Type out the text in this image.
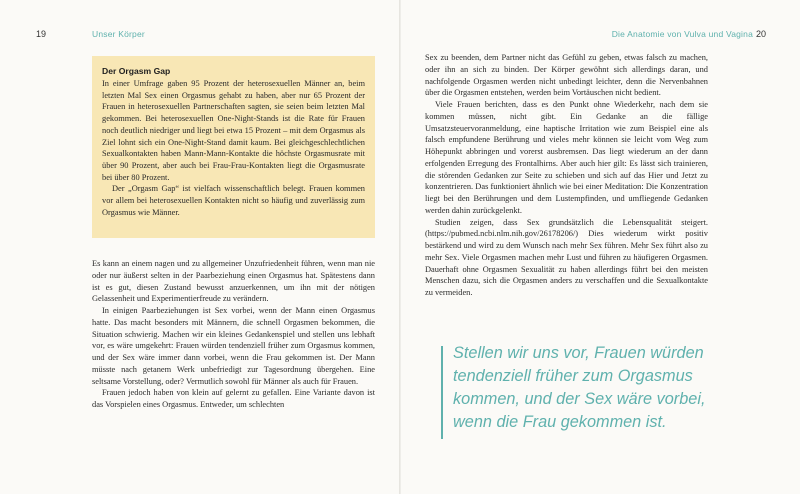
19	Unser Körper
Der Orgasm Gap

In einer Umfrage gaben 95 Prozent der heterosexuellen Männer an, beim letzten Mal Sex einen Orgasmus gehabt zu haben, aber nur 65 Prozent der Frauen in heterosexuellen Partnerschaften sagten, sie seien beim letzten Mal gekommen. Bei heterosexuellen One-Night-Stands ist die Rate für Frauen noch deutlich niedriger und liegt bei etwa 15 Prozent – mit dem Orgasmus als Ziel lohnt sich ein One-Night-Stand damit kaum. Bei gleichgeschlechtlichen Sexualkontakten haben Mann-Mann-Kontakte die höchste Orgasmusrate mit über 90 Prozent, aber auch bei Frau-Frau-Kontakten liegt die Orgasmusrate bei über 80 Prozent.

Der „Orgasm Gap“ ist vielfach wissenschaftlich belegt. Frauen kommen vor allem bei heterosexuellen Kontakten nicht so häufig und zuverlässig zum Orgasmus wie Männer.

Es kann an einem nagen und zu allgemeiner Unzufriedenheit führen, wenn man nie oder nur äußerst selten in der Paarbeziehung einen Orgasmus hat. Spätestens dann ist es gut, diesen Zustand bewusst anzuerkennen, um ihn mit der nötigen Gelassenheit und Experimentierfreude zu verändern.

In einigen Paarbeziehungen ist Sex vorbei, wenn der Mann einen Orgasmus hatte. Das macht besonders mit Männern, die schnell Orgasmen bekommen, die Situation schwierig. Machen wir ein kleines Gedankenspiel und stellen uns lebhaft vor, es wäre umgekehrt: Frauen würden tendenziell früher zum Orgasmus kommen, und der Sex wäre immer dann vorbei, wenn die Frau gekommen ist. Der Mann müsste nach getanem Werk unbefriedigt zur Tagesordnung übergehen. Eine seltsame Vorstellung, oder? Vermutlich sowohl für Männer als auch für Frauen.

Frauen jedoch haben von klein auf gelernt zu gefallen. Eine Variante davon ist das Vorspielen eines Orgasmus. Entweder, um schlechten

Die Anatomie von Vulva und Vagina 20

Sex zu beenden, dem Partner nicht das Gefühl zu geben, etwas falsch zu machen, oder ihn an sich zu binden. Der Körper gewöhnt sich allerdings daran, und nachfolgende Orgasmen werden nicht unbedingt leichter, denn die Nervenbahnen über die Orgasmen entstehen, werden beim Vortäuschen nicht bedient.

Viele Frauen berichten, dass es den Punkt ohne Wiederkehr, nach dem sie kommen müssen, nicht gibt. Ein Gedanke an die fällige Umsatzsteuervoranmeldung, eine haptische Irritation wie zum Beispiel eine als falsch empfundene Berührung und vieles mehr können sie leicht vom Weg zum Höhepunkt abbringen und vorerst ausbremsen. Das liegt wiederum an der dann erfolgenden Erregung des Frontalhirns. Aber auch hier gilt: Es lässt sich trainieren, die störenden Gedanken zur Seite zu schieben und sich auf das Hier und Jetzt zu konzentrieren. Das funktioniert ähnlich wie bei einer Meditation: Die Konzentration liegt bei den Berührungen und dem Lustempfinden, und umfliegende Gedanken werden dahin zurückgelenkt.

Studien zeigen, dass Sex grundsätzlich die Lebensqualität steigert. (https://pubmed.ncbi.nlm.nih.gov/26178206/) Dies wiederum wirkt positiv bestärkend und wird zu dem Wunsch nach mehr Sex führen. Mehr Sex führt also zu mehr Sex. Viele Orgasmen machen mehr Lust und führen zu häufigeren Orgasmen. Dauerhaft ohne Orgasmen Sexualität zu haben allerdings führt bei den meisten Menschen dazu, sich die Orgasmen anders zu verschaffen und die Sexualkontakte zu vermeiden.

Stellen wir uns vor, Frauen würden
tendenziell früher zum Orgasmus
kommen, und der Sex wäre vorbei,
wenn die Frau gekommen ist.
